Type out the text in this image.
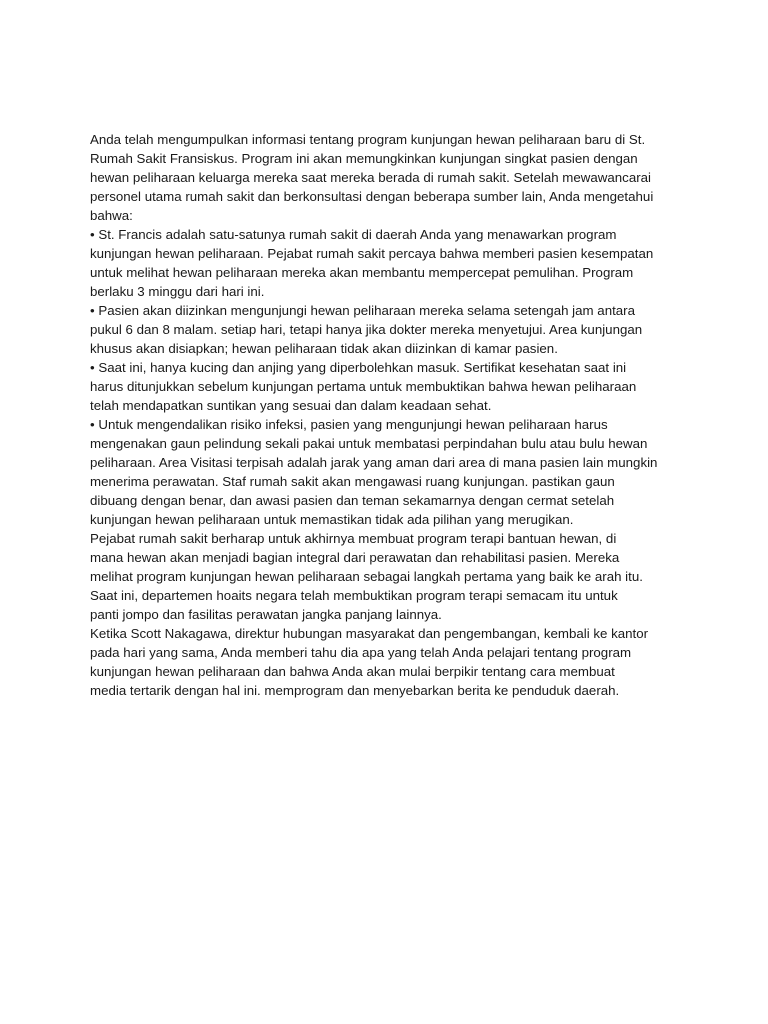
Anda telah mengumpulkan informasi tentang program kunjungan hewan peliharaan baru di St.
Rumah Sakit Fransiskus. Program ini akan memungkinkan kunjungan singkat pasien dengan
hewan peliharaan keluarga mereka saat mereka berada di rumah sakit. Setelah mewawancarai
personel utama rumah sakit dan berkonsultasi dengan beberapa sumber lain, Anda mengetahui
bahwa:
• St. Francis adalah satu-satunya rumah sakit di daerah Anda yang menawarkan program
kunjungan hewan peliharaan. Pejabat rumah sakit percaya bahwa memberi pasien kesempatan
untuk melihat hewan peliharaan mereka akan membantu mempercepat pemulihan. Program
berlaku 3 minggu dari hari ini.
• Pasien akan diizinkan mengunjungi hewan peliharaan mereka selama setengah jam antara
pukul 6 dan 8 malam. setiap hari, tetapi hanya jika dokter mereka menyetujui. Area kunjungan
khusus akan disiapkan; hewan peliharaan tidak akan diizinkan di kamar pasien.
• Saat ini, hanya kucing dan anjing yang diperbolehkan masuk. Sertifikat kesehatan saat ini
harus ditunjukkan sebelum kunjungan pertama untuk membuktikan bahwa hewan peliharaan
telah mendapatkan suntikan yang sesuai dan dalam keadaan sehat.
• Untuk mengendalikan risiko infeksi, pasien yang mengunjungi hewan peliharaan harus
mengenakan gaun pelindung sekali pakai untuk membatasi perpindahan bulu atau bulu hewan
peliharaan. Area Visitasi terpisah adalah jarak yang aman dari area di mana pasien lain mungkin
menerima perawatan. Staf rumah sakit akan mengawasi ruang kunjungan. pastikan gaun
dibuang dengan benar, dan awasi pasien dan teman sekamarnya dengan cermat setelah
kunjungan hewan peliharaan untuk memastikan tidak ada pilihan yang merugikan.
Pejabat rumah sakit berharap untuk akhirnya membuat program terapi bantuan hewan, di
mana hewan akan menjadi bagian integral dari perawatan dan rehabilitasi pasien. Mereka
melihat program kunjungan hewan peliharaan sebagai langkah pertama yang baik ke arah itu.
Saat ini, departemen hoaits negara telah membuktikan program terapi semacam itu untuk
panti jompo dan fasilitas perawatan jangka panjang lainnya.
Ketika Scott Nakagawa, direktur hubungan masyarakat dan pengembangan, kembali ke kantor
pada hari yang sama, Anda memberi tahu dia apa yang telah Anda pelajari tentang program
kunjungan hewan peliharaan dan bahwa Anda akan mulai berpikir tentang cara membuat
media tertarik dengan hal ini. memprogram dan menyebarkan berita ke penduduk daerah.
